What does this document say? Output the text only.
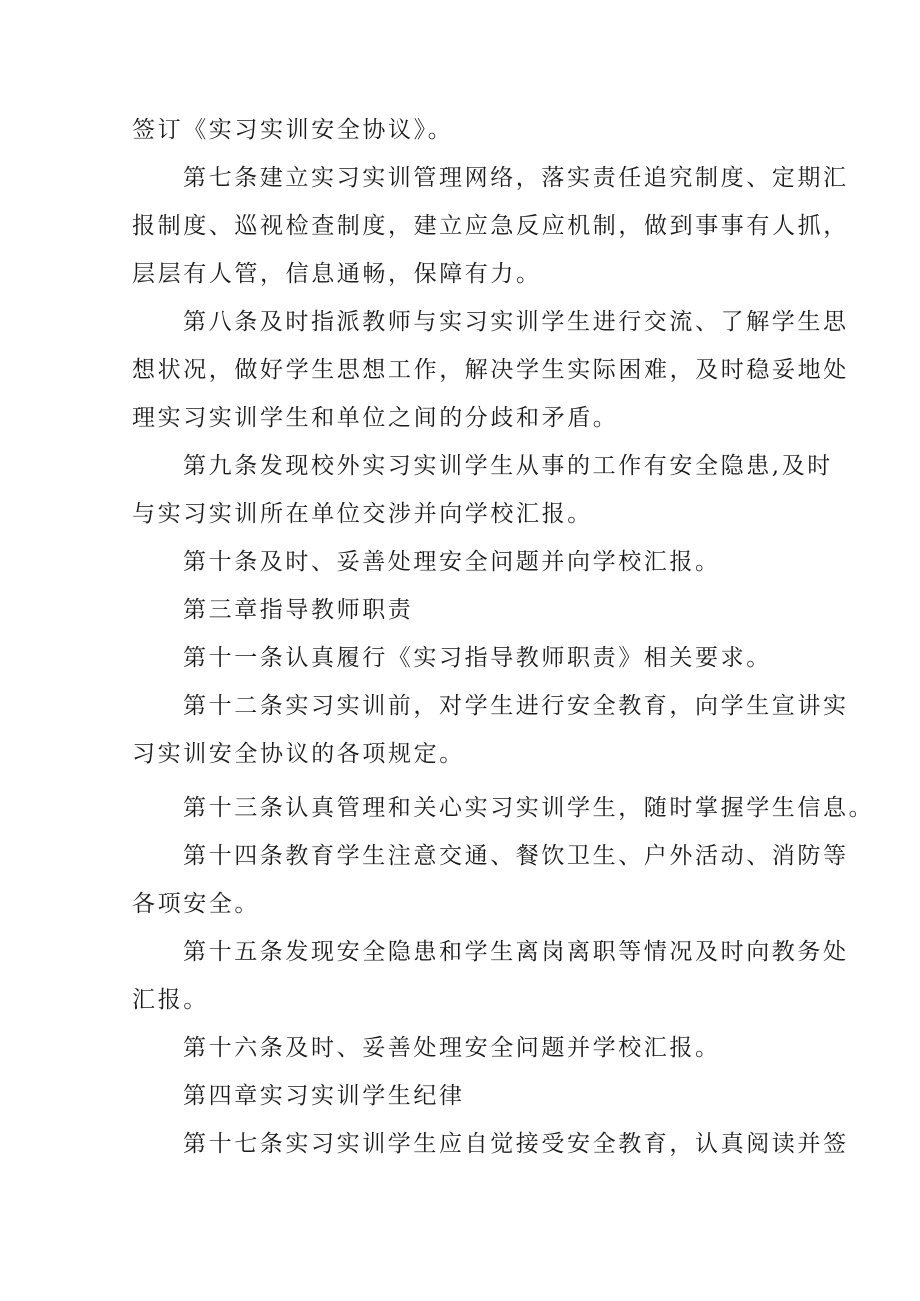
签订《实习实训安全协议》。
第七条建立实习实训管理网络，落实责任追究制度、定期汇
报制度、巡视检查制度，建立应急反应机制，做到事事有人抓，
层层有人管，信息通畅，保障有力。
第八条及时指派教师与实习实训学生进行交流、了解学生思
想状况，做好学生思想工作，解决学生实际困难，及时稳妥地处
理实习实训学生和单位之间的分歧和矛盾。
第九条发现校外实习实训学生从事的工作有安全隐患,及时
与实习实训所在单位交涉并向学校汇报。
第十条及时、妥善处理安全问题并向学校汇报。
第三章指导教师职责
第十一条认真履行《实习指导教师职责》相关要求。
第十二条实习实训前，对学生进行安全教育，向学生宣讲实
习实训安全协议的各项规定。
第十三条认真管理和关心实习实训学生，随时掌握学生信息。
第十四条教育学生注意交通、餐饮卫生、户外活动、消防等
各项安全。
第十五条发现安全隐患和学生离岗离职等情况及时向教务处
汇报。
第十六条及时、妥善处理安全问题并学校汇报。
第四章实习实训学生纪律
第十七条实习实训学生应自觉接受安全教育，认真阅读并签
